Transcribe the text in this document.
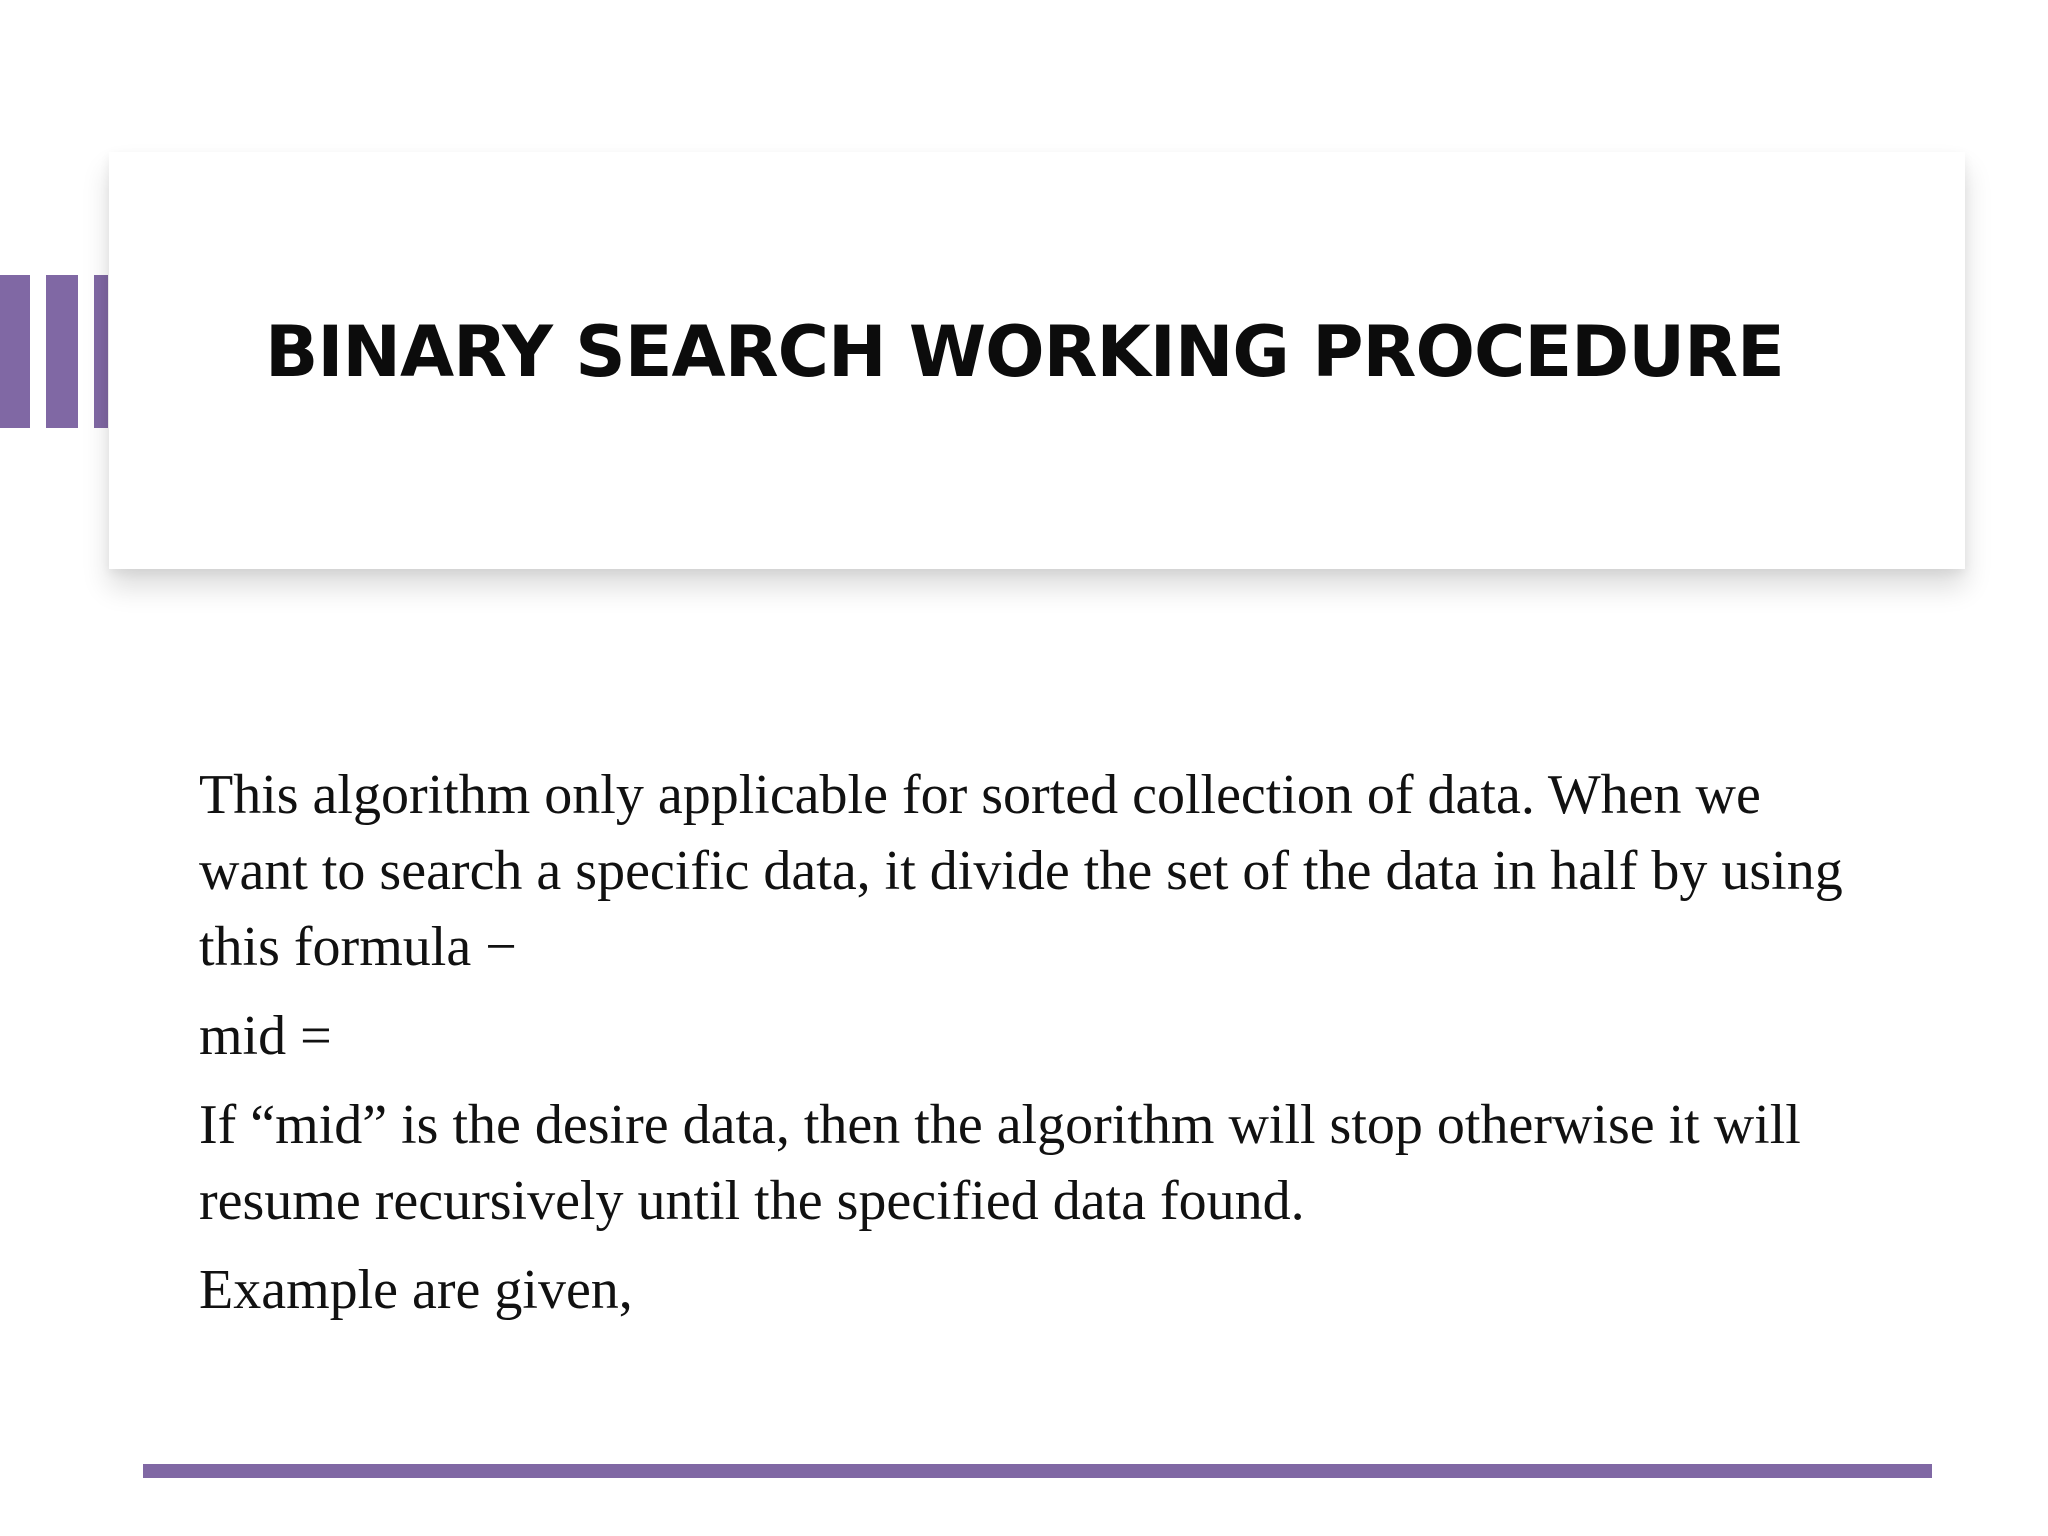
BINARY SEARCH WORKING PROCEDURE

This algorithm only applicable for sorted collection of data. When we want to search a specific data, it divide the set of the data in half by using this formula −

mid =

If “mid” is the desire data, then the algorithm will stop otherwise it will resume recursively until the specified data found.

Example are given,
